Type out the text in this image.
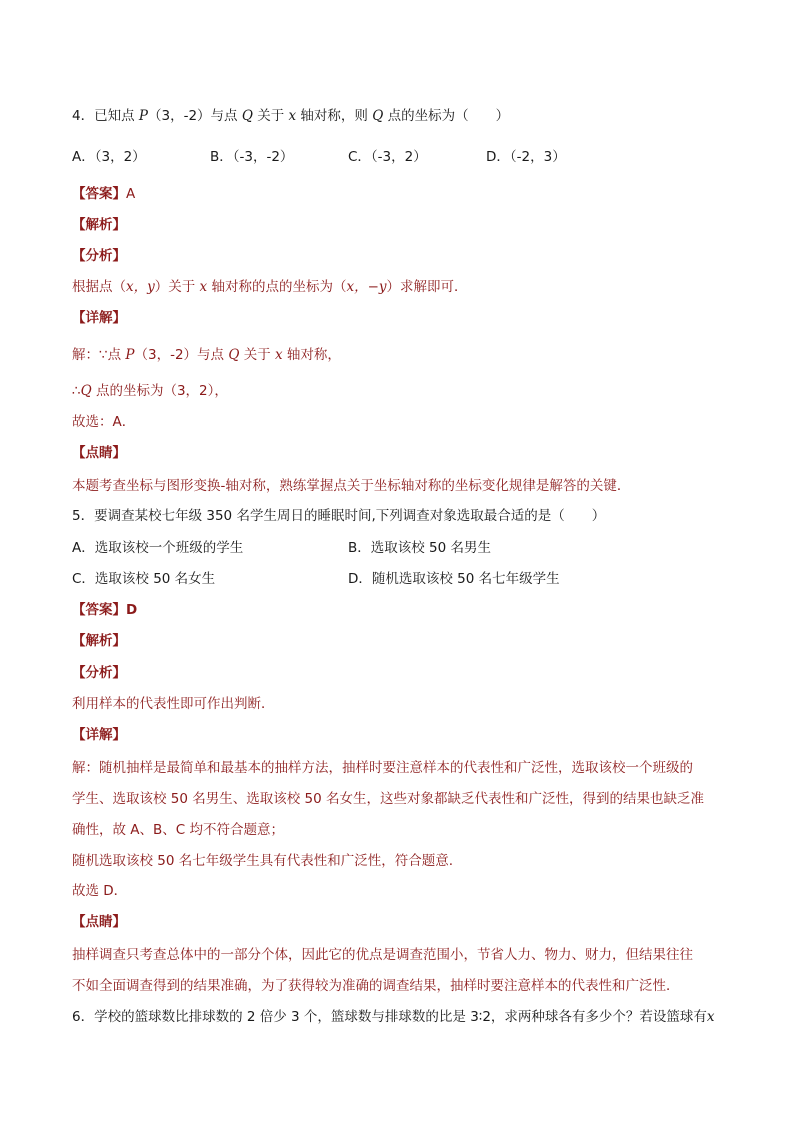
4．已知点 P（3，-2）与点 Q 关于 x 轴对称，则 Q 点的坐标为（　　）
A．（3，2）	B．（-3，-2）	C．（-3，2）	D．（-2，3）
【答案】A
【解析】
【分析】
根据点（x，y）关于 x 轴对称的点的坐标为（x，−y）求解即可．
【详解】
解：∵点 P（3，-2）与点 Q 关于 x 轴对称，
∴Q 点的坐标为（3，2），
故选：A．
【点睛】
本题考查坐标与图形变换-轴对称，熟练掌握点关于坐标轴对称的坐标变化规律是解答的关键．
5．要调查某校七年级 350 名学生周日的睡眠时间,下列调查对象选取最合适的是（　　）
A．选取该校一个班级的学生	B．选取该校 50 名男生
C．选取该校 50 名女生	D．随机选取该校 50 名七年级学生
【答案】D
【解析】
【分析】
利用样本的代表性即可作出判断．
【详解】
解：随机抽样是最简单和最基本的抽样方法，抽样时要注意样本的代表性和广泛性，选取该校一个班级的
学生、选取该校 50 名男生、选取该校 50 名女生，这些对象都缺乏代表性和广泛性，得到的结果也缺乏准
确性，故 A、B、C 均不符合题意；
随机选取该校 50 名七年级学生具有代表性和广泛性，符合题意.
故选 D．
【点睛】
抽样调查只考查总体中的一部分个体，因此它的优点是调查范围小，节省人力、物力、财力，但结果往往
不如全面调查得到的结果准确，为了获得较为准确的调查结果，抽样时要注意样本的代表性和广泛性．
6．学校的篮球数比排球数的 2 倍少 3 个，篮球数与排球数的比是 3∶2，求两种球各有多少个？若设篮球有x
